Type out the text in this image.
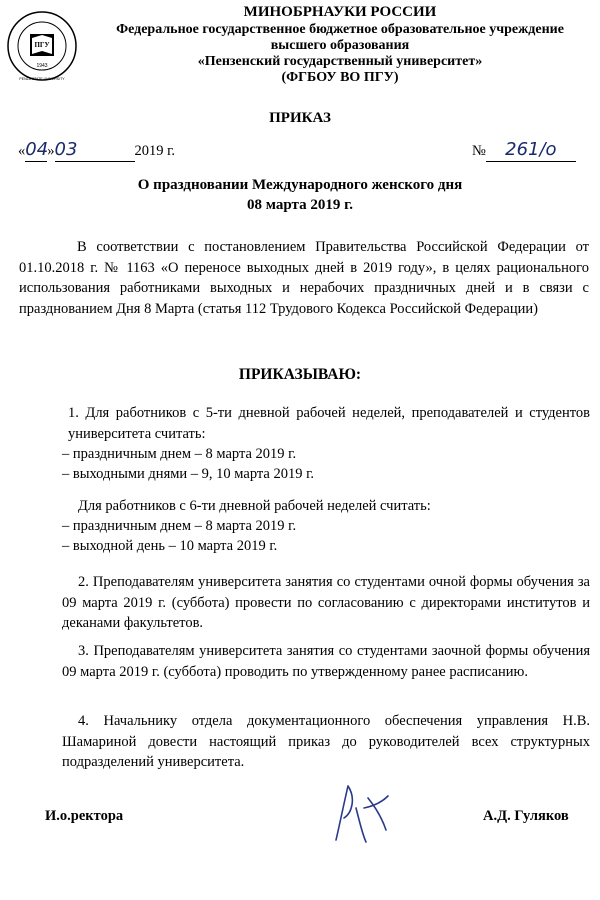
ПГУ
1943
PENZA STATE UNIVERSITY
МИНОБРНАУКИ РОССИИ
Федеральное государственное бюджетное образовательное учреждение
высшего образования
«Пензенский государственный университет»
(ФГБОУ ВО ПГУ)
ПРИКАЗ
«04»03	2019 г.	№ 261/о
О праздновании Международного женского дня
08 марта 2019 г.
В соответствии с постановлением Правительства Российской Федерации от 01.10.2018 г. № 1163 «О переносе выходных дней в 2019 году», в целях рационального использования работниками выходных и нерабочих праздничных дней и в связи с празднованием Дня 8 Марта (статья 112 Трудового Кодекса Российской Федерации)
ПРИКАЗЫВАЮ:
1. Для работников с 5-ти дневной рабочей неделей, преподавателей и студентов университета считать:
– праздничным днем – 8 марта 2019 г.
– выходными днями – 9, 10 марта 2019 г.
Для работников с 6-ти дневной рабочей неделей считать:
– праздничным днем – 8 марта 2019 г.
– выходной день – 10 марта 2019 г.
2. Преподавателям университета занятия со студентами очной формы обучения за 09 марта 2019 г. (суббота) провести по согласованию с директорами институтов и деканами факультетов.
3. Преподавателям университета занятия со студентами заочной формы обучения 09 марта 2019 г. (суббота) проводить по утвержденному ранее расписанию.
4. Начальнику отдела документационного обеспечения управления Н.В. Шамариной довести настоящий приказ до руководителей всех структурных подразделений университета.
И.о.ректора	А.Д. Гуляков
